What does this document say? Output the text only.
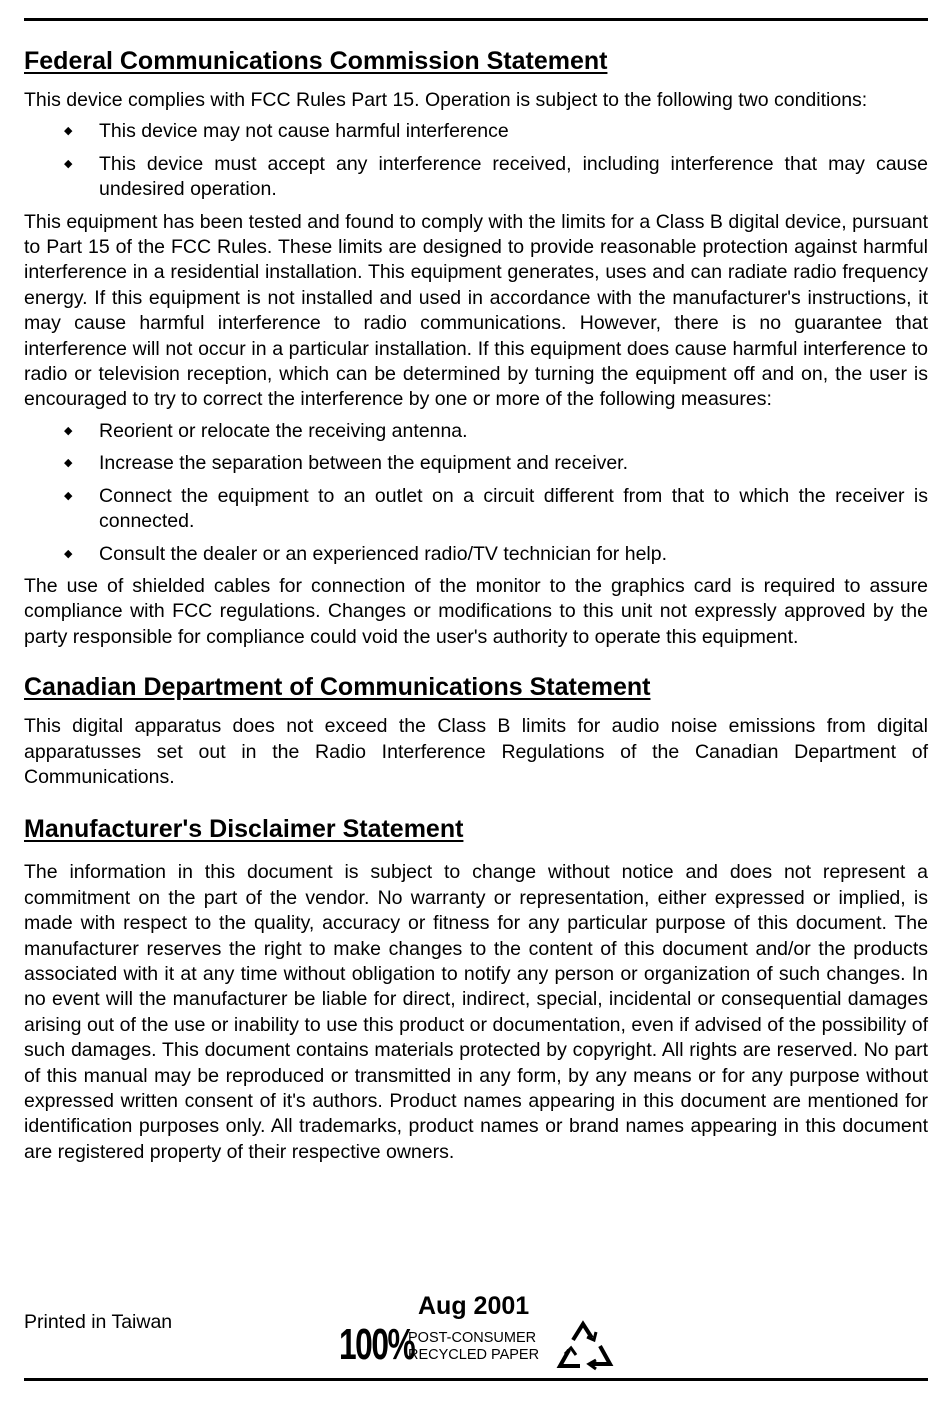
Federal Communications Commission Statement

This device complies with FCC Rules Part 15. Operation is subject to the following two conditions:

◆ This device may not cause harmful interference
◆ This device must accept any interference received, including interference that may cause undesired operation.

This equipment has been tested and found to comply with the limits for a Class B digital device, pursuant to Part 15 of the FCC Rules. These limits are designed to provide reasonable protection against harmful interference in a residential installation. This equipment generates, uses and can radiate radio frequency energy. If this equipment is not installed and used in accordance with the manufacturer's instructions, it may cause harmful interference to radio communications. However, there is no guarantee that interference will not occur in a particular installation. If this equipment does cause harmful interference to radio or television reception, which can be determined by turning the equipment off and on, the user is encouraged to try to correct the interference by one or more of the following measures:

◆ Reorient or relocate the receiving antenna.
◆ Increase the separation between the equipment and receiver.
◆ Connect the equipment to an outlet on a circuit different from that to which the receiver is connected.
◆ Consult the dealer or an experienced radio/TV technician for help.

The use of shielded cables for connection of the monitor to the graphics card is required to assure compliance with FCC regulations. Changes or modifications to this unit not expressly approved by the party responsible for compliance could void the user's authority to operate this equipment.

Canadian Department of Communications Statement

This digital apparatus does not exceed the Class B limits for audio noise emissions from digital apparatusses set out in the Radio Interference Regulations of the Canadian Department of Communications.

Manufacturer's Disclaimer Statement

The information in this document is subject to change without notice and does not represent a commitment on the part of the vendor. No warranty or representation, either expressed or implied, is made with respect to the quality, accuracy or fitness for any particular purpose of this document. The manufacturer reserves the right to make changes to the content of this document and/or the products associated with it at any time without obligation to notify any person or organization of such changes. In no event will the manufacturer be liable for direct, indirect, special, incidental or consequential damages arising out of the use or inability to use this product or documentation, even if advised of the possibility of such damages. This document contains materials protected by copyright. All rights are reserved. No part of this manual may be reproduced or transmitted in any form, by any means or for any purpose without expressed written consent of it's authors. Product names appearing in this document are mentioned for identification purposes only. All trademarks, product names or brand names appearing in this document are registered property of their respective owners.

Printed in Taiwan
Aug 2001
100%
POST-CONSUMER
RECYCLED PAPER
